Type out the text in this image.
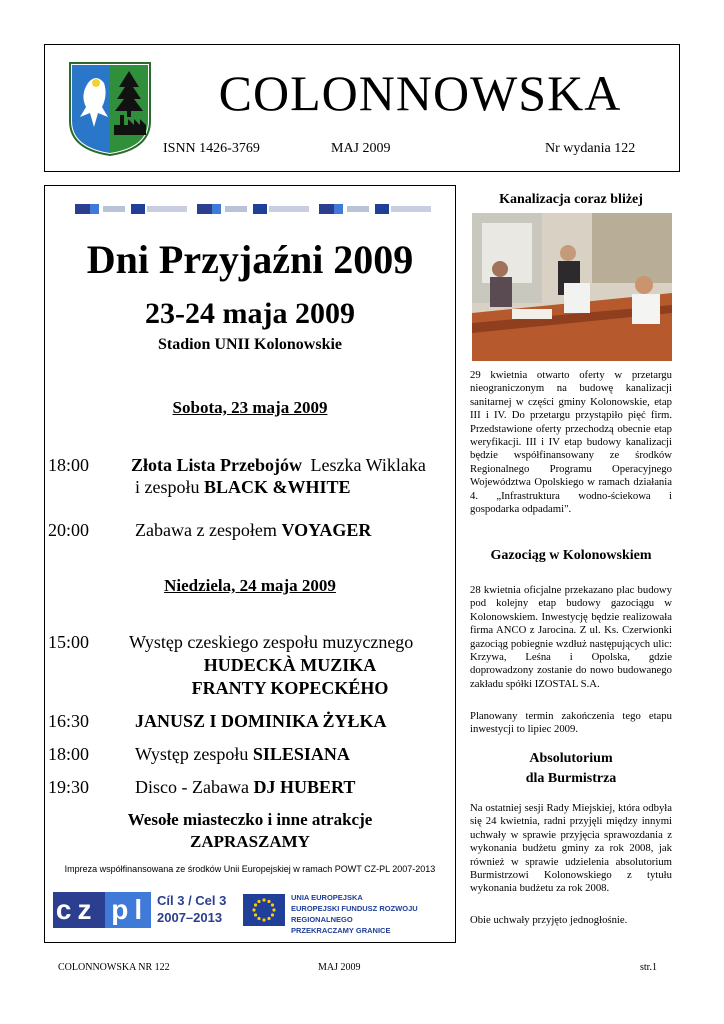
COLONNOWSKA
ISNN 1426-3769	MAJ 2009	Nr wydania 122
Dni Przyjaźni 2009
23-24 maja 2009
Stadion UNII Kolonowskie
Sobota, 23 maja 2009
18:00 Złota Lista Przebojów Leszka Wiklaka
i zespołu BLACK &WHITE
20:00	Zabawa z zespołem VOYAGER
Niedziela, 24 maja 2009
15:00 Występ czeskiego zespołu muzycznego
HUDECKÀ MUZIKA
FRANTY KOPECKÉHO
16:30	JANUSZ I DOMINIKA ŻYŁKA
18:00	Występ zespołu SILESIANA
19:30	Disco - Zabawa DJ HUBERT
Wesołe miasteczko i inne atrakcje
ZAPRASZAMY
Impreza współfinansowana ze środków Unii Europejskiej w ramach POWT CZ-PL 2007-2013
cz pl Cíl 3 / Cel 3
2007–2013
UNIA EUROPEJSKA
EUROPEJSKI FUNDUSZ ROZWOJU REGIONALNEGO
PRZEKRACZAMY GRANICE
Kanalizacja coraz bliżej
29 kwietnia otwarto oferty w przetargu nieograniczonym na budowę kanalizacji sanitarnej w części gminy Kolonowskie, etap III i IV. Do przetargu przystąpiło pięć firm. Przedstawione oferty przechodzą obecnie etap weryfikacji. III i IV etap budowy kanalizacji będzie współfinansowany ze środków Regionalnego Programu Operacyjnego Województwa Opolskiego w ramach działania 4. „Infrastruktura wodno-ściekowa i gospodarka odpadami".
Gazociąg w Kolonowskiem
28 kwietnia oficjalne przekazano plac budowy pod kolejny etap budowy gazociągu w Kolonowskiem. Inwestycję będzie realizowała firma ANCO z Jarocina. Z ul. Ks. Czerwionki gazociąg pobiegnie wzdłuż następujących ulic: Krzywa, Leśna i Opolska, gdzie doprowadzony zostanie do nowo budowanego zakładu spółki IZOSTAL S.A.
Planowany termin zakończenia tego etapu inwestycji to lipiec 2009.
Absolutorium
dla Burmistrza
Na ostatniej sesji Rady Miejskiej, która odbyła się 24 kwietnia, radni przyjęli między innymi uchwały w sprawie przyjęcia sprawozdania z wykonania budżetu gminy za rok 2008, jak również w sprawie udzielenia absolutorium Burmistrzowi Kolonowskiego z tytułu wykonania budżetu za rok 2008.
Obie uchwały przyjęto jednogłośnie.
COLONNOWSKA NR 122	MAJ 2009	str.1
